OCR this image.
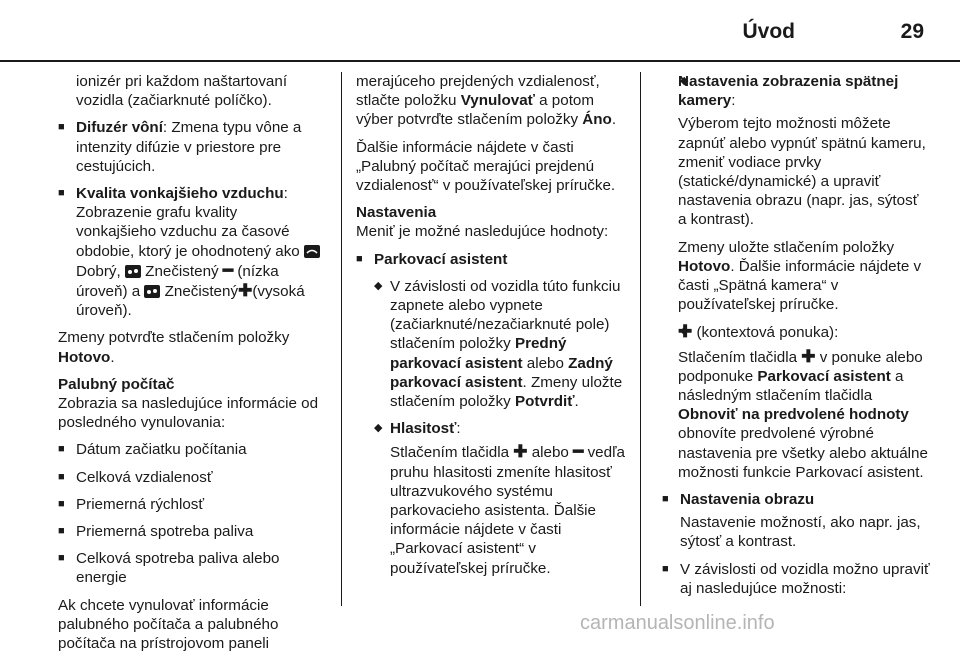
Úvod	29

ionizér pri každom naštartovaní vozidla (začiarknuté políčko).

■ Difuzér vôní: Zmena typu vône a intenzity difúzie v priestore pre cestujúcich.
■ Kvalita vonkajšieho vzduchu: Zobrazenie grafu kvality vonkajšieho vzduchu za časové obdobie, ktorý je ohodnotený ako  Dobrý,  Znečistený ━ (nízka úroveň) a  Znečistený✚(vysoká úroveň).

Zmeny potvrďte stlačením položky Hotovo.

Palubný počítač

Zobrazia sa nasledujúce informácie od posledného vynulovania:

■ Dátum začiatku počítania
■ Celková vzdialenosť
■ Priemerná rýchlosť
■ Priemerná spotreba paliva
■ Celková spotreba paliva alebo energie

Ak chcete vynulovať informácie palubného počítača a palubného počítača na prístrojovom paneli

merajúceho prejdených vzdialenosť, stlačte položku Vynulovať a potom výber potvrďte stlačením položky Áno.

Ďalšie informácie nájdete v časti „Palubný počítač merajúci prejdenú vzdialenosť“ v používateľskej príručke.

Nastavenia

Meniť je možné nasledujúce hodnoty:

■ Parkovací asistent
◆ V závislosti od vozidla túto funkciu zapnete alebo vypnete (začiarknuté/nezačiarknuté pole) stlačením položky Predný parkovací asistent alebo Zadný parkovací asistent. Zmeny uložte stlačením položky Potvrdiť.
◆ Hlasitosť:

Stlačením tlačidla ✚ alebo ━ vedľa pruhu hlasitosti zmeníte hlasitosť ultrazvukového systému parkovacieho asistenta. Ďalšie informácie nájdete v časti „Parkovací asistent“ v používateľskej príručke.

◆ Nastavenia zobrazenia spätnej kamery:

Výberom tejto možnosti môžete zapnúť alebo vypnúť spätnú kameru, zmeniť vodiace prvky (statické/dynamické) a upraviť nastavenia obrazu (napr. jas, sýtosť a kontrast).

Zmeny uložte stlačením položky Hotovo. Ďalšie informácie nájdete v časti „Spätná kamera“ v používateľskej príručke.

◆ ✚ (kontextová ponuka):

Stlačením tlačidla ✚ v ponuke alebo podponuke Parkovací asistent a následným stlačením tlačidla Obnoviť na predvolené hodnoty obnovíte predvolené výrobné nastavenia pre všetky alebo aktuálne možnosti funkcie Parkovací asistent.

■ Nastavenia obrazu

Nastavenie možností, ako napr. jas, sýtosť a kontrast.

■ V závislosti od vozidla možno upraviť aj nasledujúce možnosti:
carmanualsonline.info
